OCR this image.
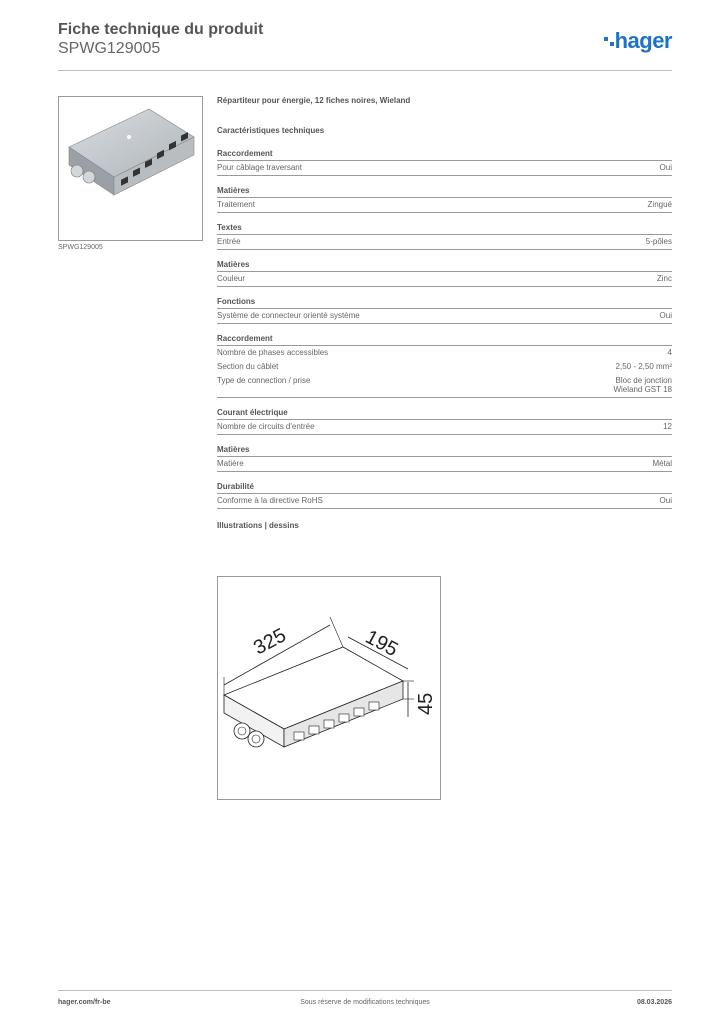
Fiche technique du produit
SPWG129005	hager
SPWG129005
Répartiteur pour énergie, 12 fiches noires, Wieland
Caractéristiques techniques
Raccordement
Pour câblage traversant	Oui
Matières
Traitement	Zingué
Textes
Entrée	5-pôles
Matières
Couleur	Zinc
Fonctions
Système de connecteur orienté système	Oui
Raccordement
Nombre de phases accessibles	4
Section du câblet	2,50 - 2,50 mm²
Type de connection / prise	Bloc de jonction
Wieland GST 18
Courant électrique
Nombre de circuits d'entrée	12
Matières
Matière	Métal
Durabilité
Conforme à la directive RoHS	Oui
Illustrations | dessins
325	195
45
hager.com/fr-be	Sous réserve de modifications techniques	08.03.2026
